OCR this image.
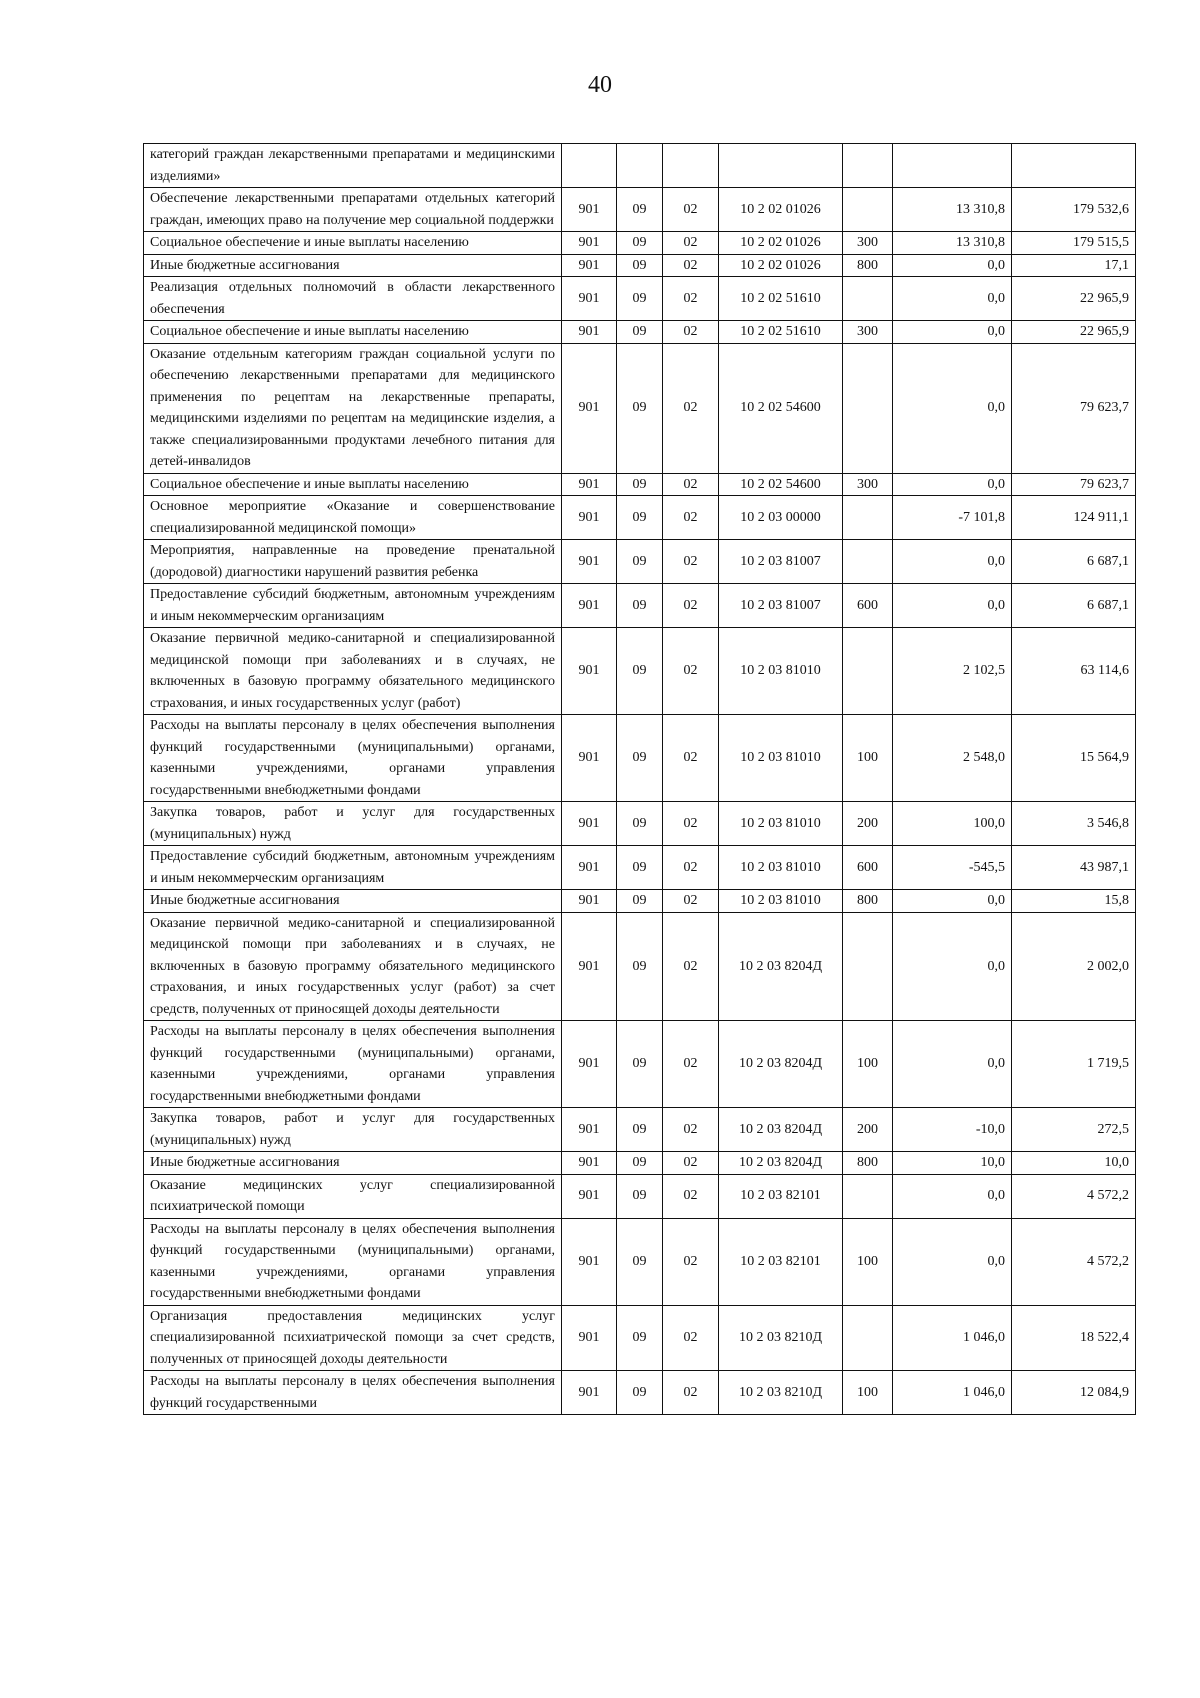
40
категорий граждан лекарственными препаратами и медицинскими изделиями»							
Обеспечение лекарственными препаратами отдельных категорий граждан, имеющих право на получение мер социальной поддержки	901	09	02	10 2 02 01026		13 310,8	179 532,6
Социальное обеспечение и иные выплаты населению	901	09	02	10 2 02 01026	300	13 310,8	179 515,5
Иные бюджетные ассигнования	901	09	02	10 2 02 01026	800	0,0	17,1
Реализация отдельных полномочий в области лекарственного обеспечения	901	09	02	10 2 02 51610		0,0	22 965,9
Социальное обеспечение и иные выплаты населению	901	09	02	10 2 02 51610	300	0,0	22 965,9
Оказание отдельным категориям граждан социальной услуги по обеспечению лекарственными препаратами для медицинского применения по рецептам на лекарственные препараты, медицинскими изделиями по рецептам на медицинские изделия, а также специализированными продуктами лечебного питания для детей-инвалидов	901	09	02	10 2 02 54600		0,0	79 623,7
Социальное обеспечение и иные выплаты населению	901	09	02	10 2 02 54600	300	0,0	79 623,7
Основное мероприятие «Оказание и совершенствование специализированной медицинской помощи»	901	09	02	10 2 03 00000		-7 101,8	124 911,1
Мероприятия, направленные на проведение пренатальной (дородовой) диагностики нарушений развития ребенка	901	09	02	10 2 03 81007		0,0	6 687,1
Предоставление субсидий бюджетным, автономным учреждениям и иным некоммерческим организациям	901	09	02	10 2 03 81007	600	0,0	6 687,1
Оказание первичной медико-санитарной и специализированной медицинской помощи при заболеваниях и в случаях, не включенных в базовую программу обязательного медицинского страхования, и иных государственных услуг (работ)	901	09	02	10 2 03 81010		2 102,5	63 114,6
Расходы на выплаты персоналу в целях обеспечения выполнения функций государственными (муниципальными) органами, казенными учреждениями, органами управления государственными внебюджетными фондами	901	09	02	10 2 03 81010	100	2 548,0	15 564,9
Закупка товаров, работ и услуг для государственных (муниципальных) нужд	901	09	02	10 2 03 81010	200	100,0	3 546,8
Предоставление субсидий бюджетным, автономным учреждениям и иным некоммерческим организациям	901	09	02	10 2 03 81010	600	-545,5	43 987,1
Иные бюджетные ассигнования	901	09	02	10 2 03 81010	800	0,0	15,8
Оказание первичной медико-санитарной и специализированной медицинской помощи при заболеваниях и в случаях, не включенных в базовую программу обязательного медицинского страхования, и иных государственных услуг (работ) за счет средств, полученных от приносящей доходы деятельности	901	09	02	10 2 03 8204Д		0,0	2 002,0
Расходы на выплаты персоналу в целях обеспечения выполнения функций государственными (муниципальными) органами, казенными учреждениями, органами управления государственными внебюджетными фондами	901	09	02	10 2 03 8204Д	100	0,0	1 719,5
Закупка товаров, работ и услуг для государственных (муниципальных) нужд	901	09	02	10 2 03 8204Д	200	-10,0	272,5
Иные бюджетные ассигнования	901	09	02	10 2 03 8204Д	800	10,0	10,0
Оказание медицинских услуг специализированной психиатрической помощи	901	09	02	10 2 03 82101		0,0	4 572,2
Расходы на выплаты персоналу в целях обеспечения выполнения функций государственными (муниципальными) органами, казенными учреждениями, органами управления государственными внебюджетными фондами	901	09	02	10 2 03 82101	100	0,0	4 572,2
Организация предоставления медицинских услуг специализированной психиатрической помощи за счет средств, полученных от приносящей доходы деятельности	901	09	02	10 2 03 8210Д		1 046,0	18 522,4
Расходы на выплаты персоналу в целях обеспечения выполнения функций государственными	901	09	02	10 2 03 8210Д	100	1 046,0	12 084,9
